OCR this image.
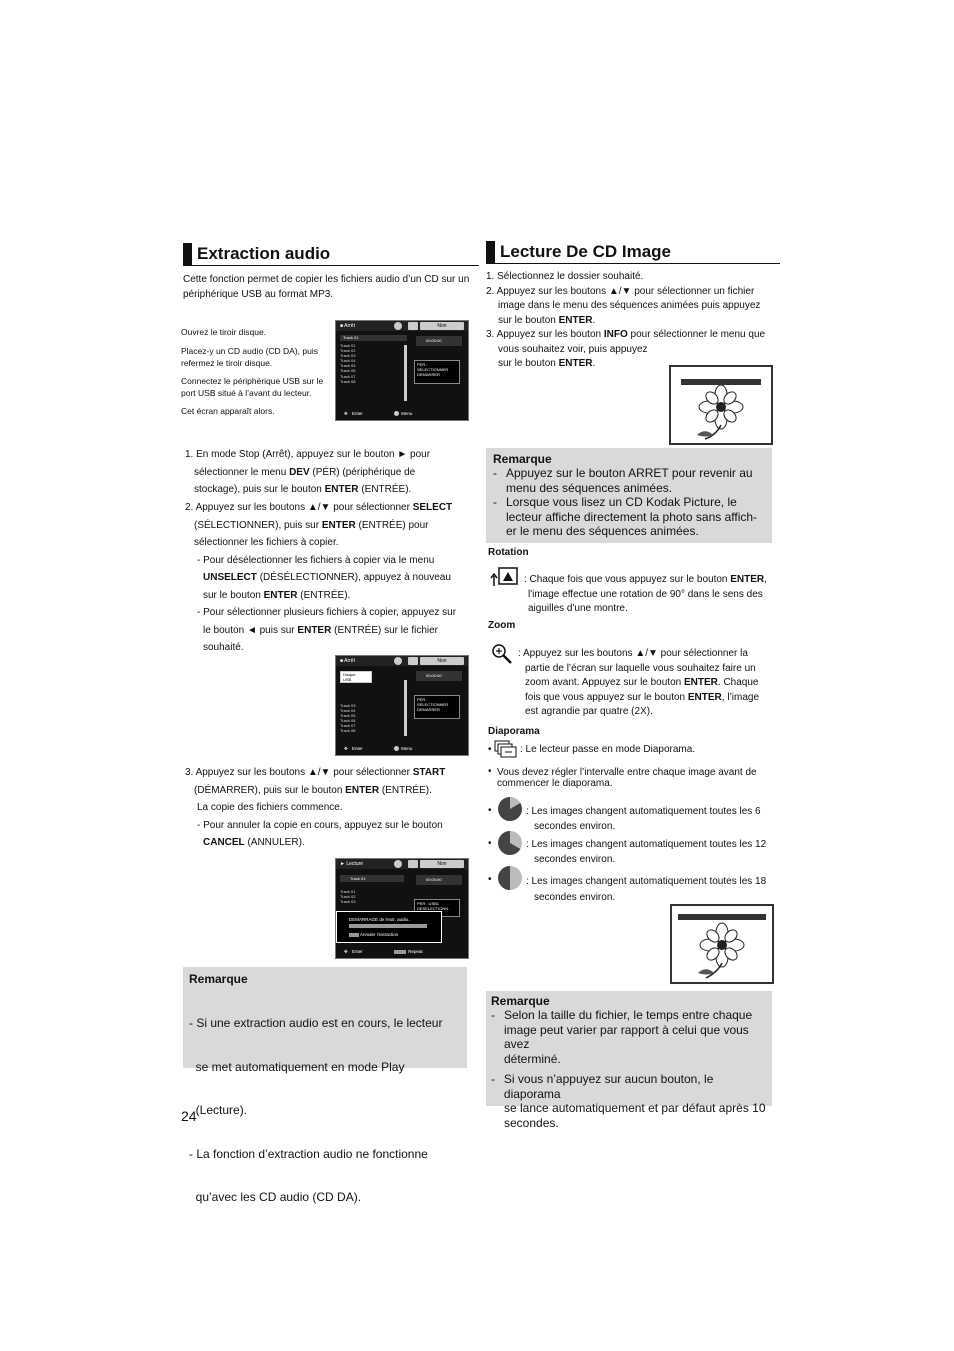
Extraction audio
Cette fonction permet de copier les fichiers audio d’un CD sur un périphérique USB au format MP3.
Ouvrez le tiroir disque.
Placez-y un CD audio (CD DA), puis refermez le tiroir disque.
Connectez le périphérique USB sur le port USB situé à l’avant du lecteur.
Cet écran apparaît alors.
■ Arrêt	Non
Track 01
Track 01
Track 02
Track 03
Track 04
Track 05
Track 06
Track 07
Track 08
00:00:00
PER :
SELECTIONNER
DEMARRER
✥ Enter	Menu
1. En mode Stop (Arrêt), appuyez sur le bouton ► pour
sélectionner le menu DEV (PÉR) (périphérique de
stockage), puis sur le bouton ENTER (ENTRÉE).
2. Appuyez sur les boutons ▲/▼ pour sélectionner SELECT
(SÉLECTIONNER), puis sur ENTER (ENTRÉE) pour
sélectionner les fichiers à copier.
- Pour désélectionner les fichiers à copier via le menu
UNSELECT (DÉSÉLECTIONNER), appuyez à nouveau
sur le bouton ENTER (ENTRÉE).
- Pour sélectionner plusieurs fichiers à copier, appuyez sur
le bouton ◄ puis sur ENTER (ENTRÉE) sur le fichier
souhaité.
■ Arrêt	Non
Disque
USB
Track 03
Track 04
Track 05
Track 06
Track 07
Track 08
00:00:00
PER :
SELECTIONNER
DEMARRER
✥ Enter	Menu
3. Appuyez sur les boutons ▲/▼ pour sélectionner START
(DÉMARRER), puis sur le bouton ENTER (ENTRÉE).
La copie des fichiers commence.
- Pour annuler la copie en cours, appuyez sur le bouton
CANCEL (ANNULER).
► Lecture	Non
Track 01
Track 01
Track 02
Track 03
00:00:00
PER : USB1
DESELECTIONN.
DEMARRAGE de l'extr. audio..
Annuler l'extraction
✥ Enter	Repeat
Remarque

- Si une extraction audio est en cours, le lecteur

se met automatiquement en mode Play

(Lecture).

- La fonction d’extraction audio ne fonctionne

qu’avec les CD audio (CD DA).

24
Lecture De CD Image
1. Sélectionnez le dossier souhaité.
2. Appuyez sur les boutons ▲/▼ pour sélectionner un fichier
image dans le menu des séquences animées puis appuyez
sur le bouton ENTER.
3. Appuyez sur les bouton INFO pour sélectionner le menu que
vous souhaitez voir, puis appuyez
sur le bouton ENTER.
Remarque
- Appuyez sur le bouton ARRET pour revenir au
menu des séquences animées.
- Lorsque vous lisez un CD Kodak Picture, le
lecteur affiche directement la photo sans affich-
er le menu des séquences animées.
Rotation
: Chaque fois que vous appuyez sur le bouton ENTER,
l'image effectue une rotation de 90° dans le sens des
aiguilles d'une montre.
Zoom
: Appuyez sur les boutons ▲/▼ pour sélectionner la
partie de l’écran sur laquelle vous souhaitez faire un
zoom avant. Appuyez sur le bouton ENTER. Chaque
fois que vous appuyez sur le bouton ENTER, l’image
est agrandie par quatre (2X).
Diaporama
•	: Le lecteur passe en mode Diaporama.
• Vous devez régler l’intervalle entre chaque image avant de
commencer le diaporama.
•	: Les images changent automatiquement toutes les 6
secondes environ.
•	: Les images changent automatiquement toutes les 12
secondes environ.
•	: Les images changent automatiquement toutes les 18
secondes environ.
Remarque
- Selon la taille du fichier, le temps entre chaque
image peut varier par rapport à celui que vous avez
déterminé.
- Si vous n’appuyez sur aucun bouton, le diaporama
se lance automatiquement et par défaut après 10
secondes.
